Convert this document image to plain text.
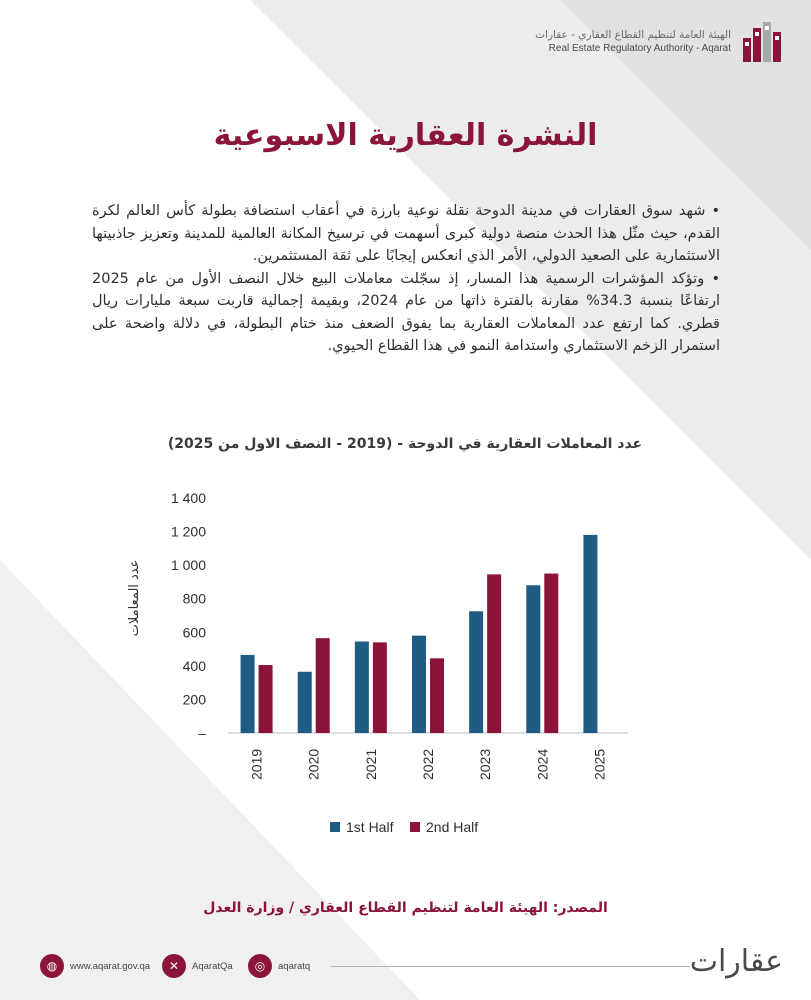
الهيئة العامة لتنظيم القطاع العقاري - عقارات
Real Estate Regulatory Authority - Aqarat
النشرة العقارية الاسبوعية

• شهد سوق العقارات في مدينة الدوحة نقلة نوعية بارزة في أعقاب استضافة بطولة كأس العالم لكرة القدم، حيث مثّل هذا الحدث منصة دولية كبرى أسهمت في ترسيخ المكانة العالمية للمدينة وتعزيز جاذبيتها الاستثمارية على الصعيد الدولي، الأمر الذي انعكس إيجابًا على ثقة المستثمرين.

• وتؤكد المؤشرات الرسمية هذا المسار، إذ سجّلت معاملات البيع خلال النصف الأول من عام 2025 ارتفاعًا بنسبة 34.3% مقارنة بالفترة ذاتها من عام 2024، وبقيمة إجمالية قاربت سبعة مليارات ريال قطري. كما ارتفع عدد المعاملات العقارية بما يفوق الضعف منذ ختام البطولة، في دلالة واضحة على استمرار الزخم الاستثماري واستدامة النمو في هذا القطاع الحيوي.

عدد المعاملات العقارية في الدوحة - (2019 - النصف الاول من 2025)
عدد المعاملات
200
400
600
800
1 000
1 200
1 400
–
2019	2020	2021	2022	2023	2024	2025
1st Half 2nd Half
المصدر: الهيئة العامة لتنظيم القطاع العقاري / وزارة العدل
◍	www.aqarat.gov.qa	✕	AqaratQa	◎	aqaratq	عقارات
